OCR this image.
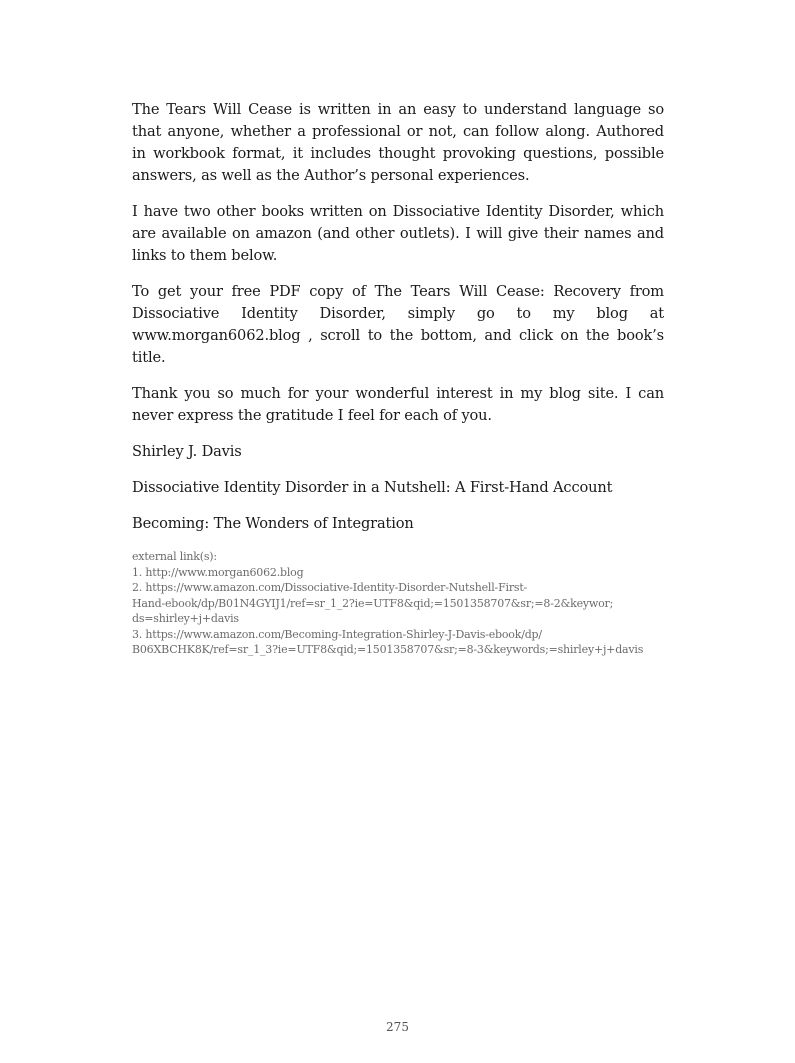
The Tears Will Cease is written in an easy to understand language so that anyone, whether a professional or not, can follow along. Authored in workbook format, it includes thought provoking questions, possible answers, as well as the Author’s personal experiences.

I have two other books written on Dissociative Identity Disorder, which are available on amazon (and other outlets). I will give their names and links to them below.

To get your free PDF copy of The Tears Will Cease: Recovery from Dissociative Identity Disorder, simply go to my blog at www.morgan6062.blog , scroll to the bottom, and click on the book’s title.

Thank you so much for your wonderful interest in my blog site. I can never express the gratitude I feel for each of you.

Shirley J. Davis

Dissociative Identity Disorder in a Nutshell: A First-Hand Account

Becoming: The Wonders of Integration

external link(s):
1. http://www.morgan6062.blog
2. https://www.amazon.com/Dissociative-Identity-Disorder-Nutshell-First-
Hand-ebook/dp/B01N4GYIJ1/ref=sr_1_2?ie=UTF8&qid;=1501358707&sr;=8-2&keywor;
ds=shirley+j+davis
3. https://www.amazon.com/Becoming-Integration-Shirley-J-Davis-ebook/dp/
B06XBCHK8K/ref=sr_1_3?ie=UTF8&qid;=1501358707&sr;=8-3&keywords;=shirley+j+davis
275
